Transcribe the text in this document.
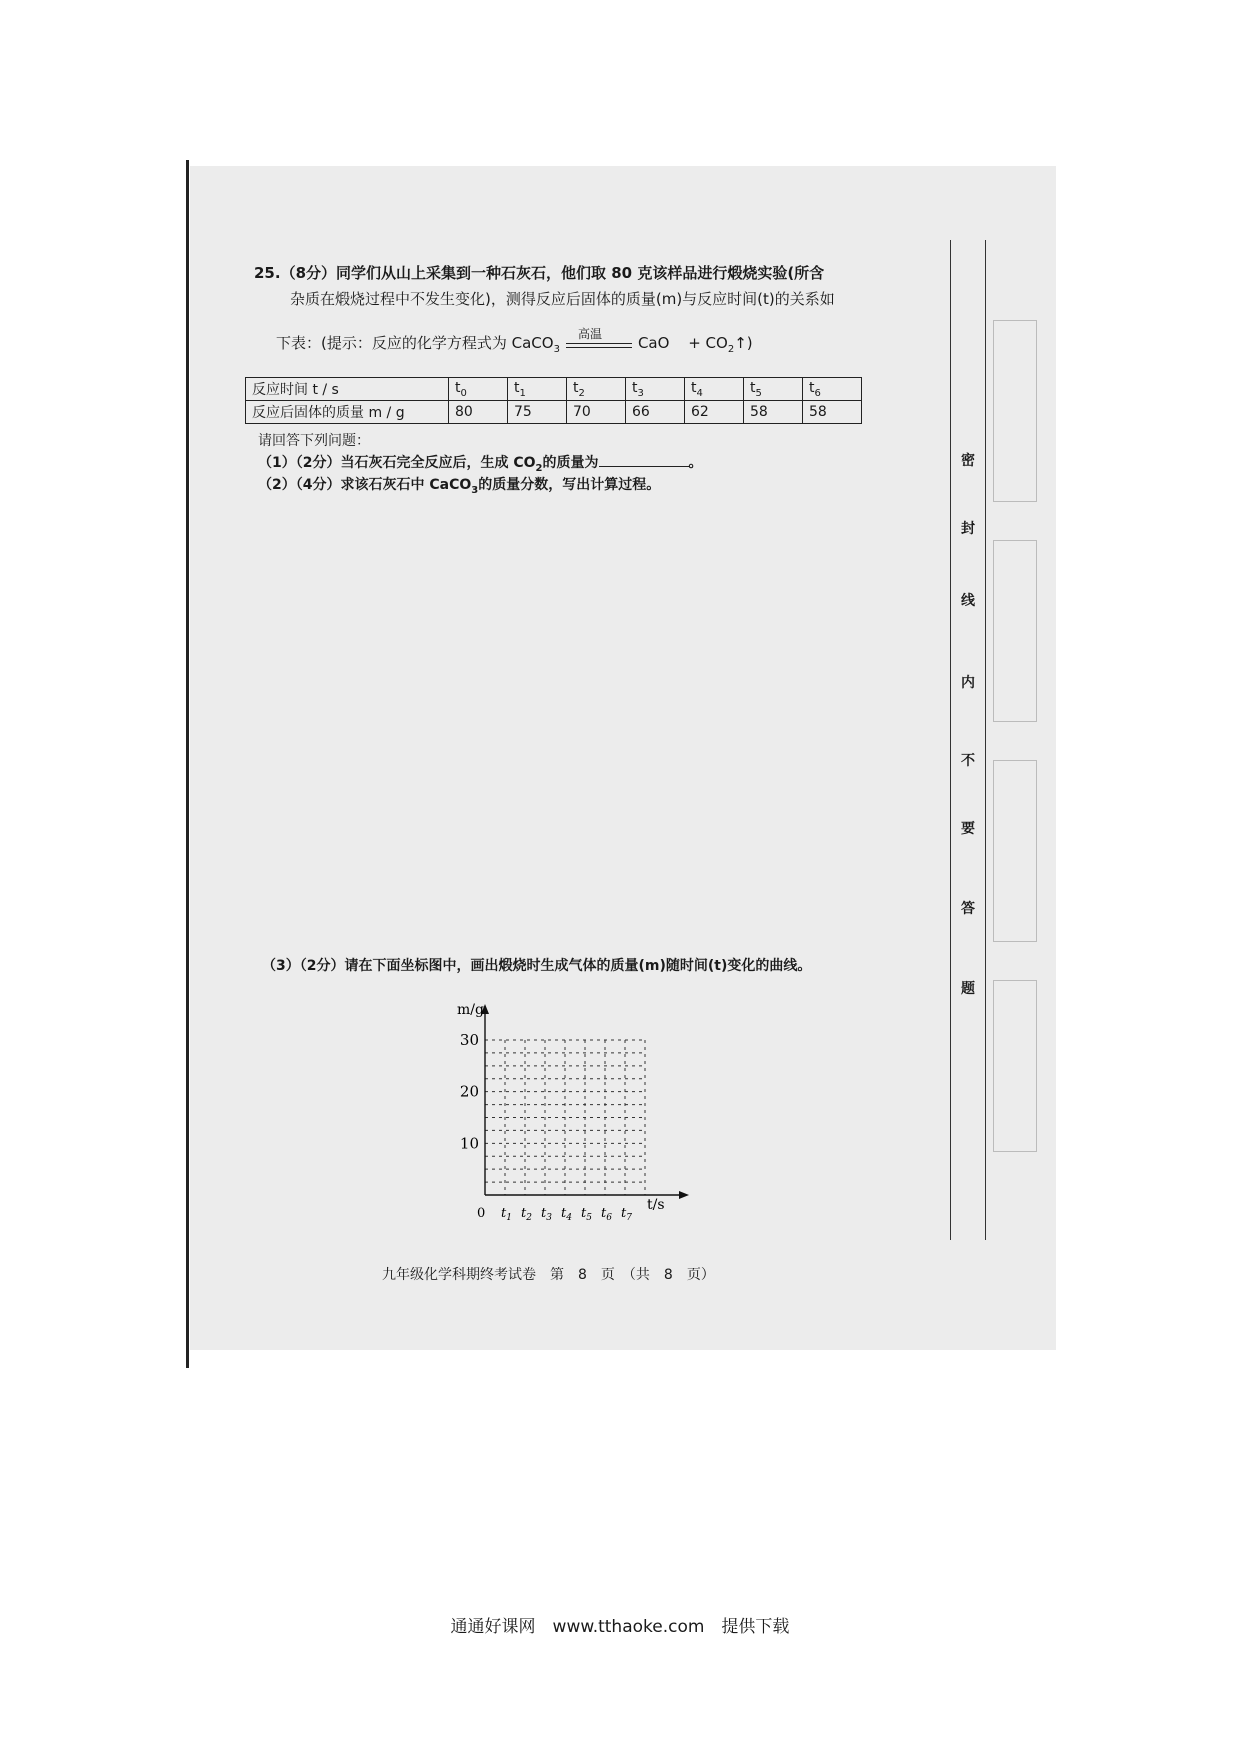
密
封
线
内
不
要
答
题
25.（8分）同学们从山上采集到一种石灰石，他们取 80 克该样品进行煅烧实验(所含
杂质在煅烧过程中不发生变化)，测得反应后固体的质量(m)与反应时间(t)的关系如
下表：(提示：反应的化学方程式为 CaCO$_3$
高温 CaO + $CO_2↑$)
反应时间 t / s	$t_0$	$t_1$	$t_2$	$t_3$	$t_4$	$t_5$	$t_6$
反应后固体的质量 m / g	80	75	70	66	62	58	58
请回答下列问题：
（1）（2分）当石灰石完全反应后，生成 $CO_2$的质量为	。
（2）（4分）求该石灰石中 CaCO$_3$的质量分数，写出计算过程。
（3）（2分）请在下面坐标图中，画出煅烧时生成气体的质量(m)随时间(t)变化的曲线。
m/g
t/s
10
20
30
0 $t_1$ $t_2$ $t_3$ $t_4$ $t_5$ $t_6$ $t_7$
九年级化学科期终考试卷　第　8　页　（共　8　页）
通通好课网　www.tthaoke.com　提供下载
